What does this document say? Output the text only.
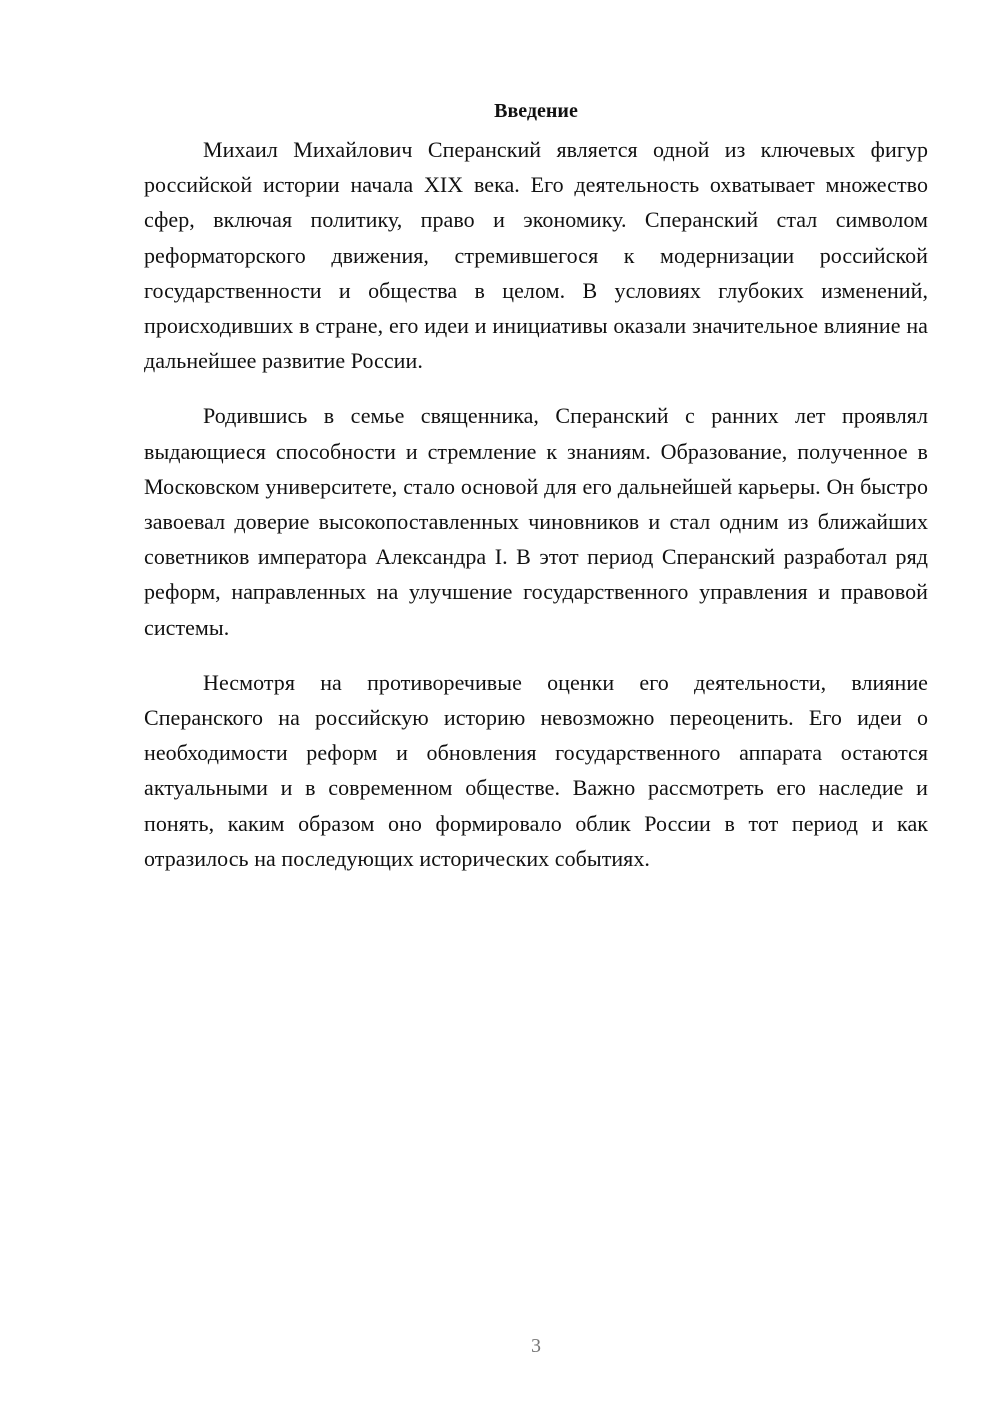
Введение

Михаил Михайлович Сперанский является одной из ключевых фигур российской истории начала XIX века. Его деятельность охватывает множество сфер, включая политику, право и экономику. Сперанский стал символом реформаторского движения, стремившегося к модернизации российской государственности и общества в целом. В условиях глубоких изменений, происходивших в стране, его идеи и инициативы оказали значительное влияние на дальнейшее развитие России.

Родившись в семье священника, Сперанский с ранних лет проявлял выдающиеся способности и стремление к знаниям. Образование, полученное в Московском университете, стало основой для его дальнейшей карьеры. Он быстро завоевал доверие высокопоставленных чиновников и стал одним из ближайших советников императора Александра I. В этот период Сперанский разработал ряд реформ, направленных на улучшение государственного управления и правовой системы.

Несмотря на противоречивые оценки его деятельности, влияние Сперанского на российскую историю невозможно переоценить. Его идеи о необходимости реформ и обновления государственного аппарата остаются актуальными и в современном обществе. Важно рассмотреть его наследие и понять, каким образом оно формировало облик России в тот период и как отразилось на последующих исторических событиях.

3
